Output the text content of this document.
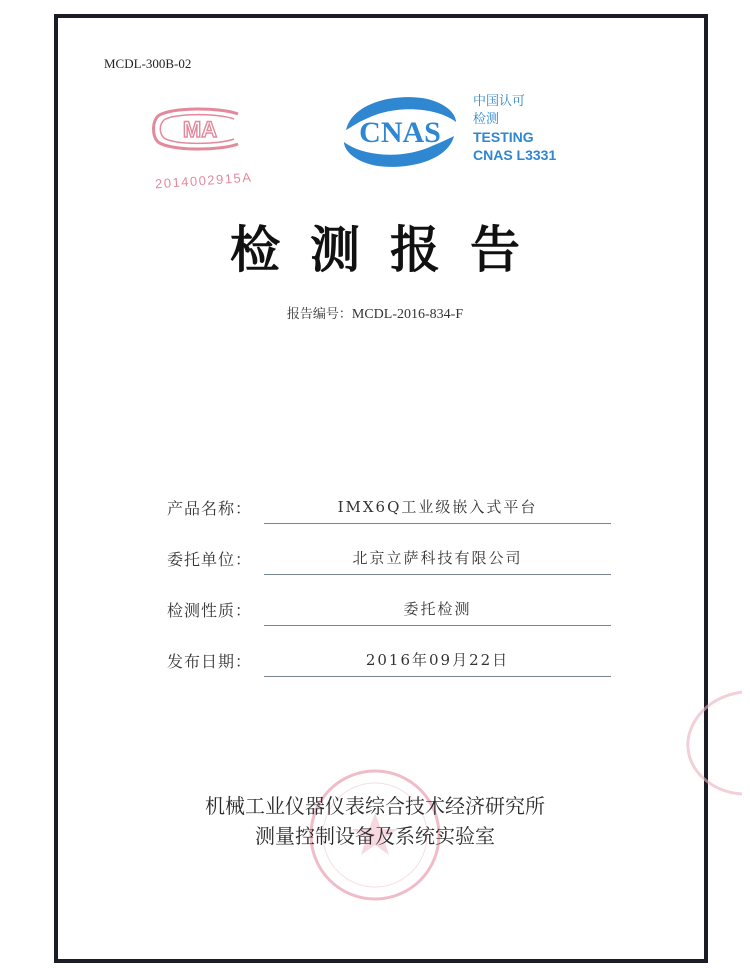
MCDL-300B-02
MA
2014002915A
CNAS
中国认可
检测
TESTING
CNAS L3331
检测报告
报告编号：MCDL-2016-834-F
产品名称：	IMX6Q工业级嵌入式平台
委托单位：	北京立萨科技有限公司
检测性质：	委托检测
发布日期：	2016年09月22日
机械工业仪器仪表综合技术经济研究所
测量控制设备及系统实验室
